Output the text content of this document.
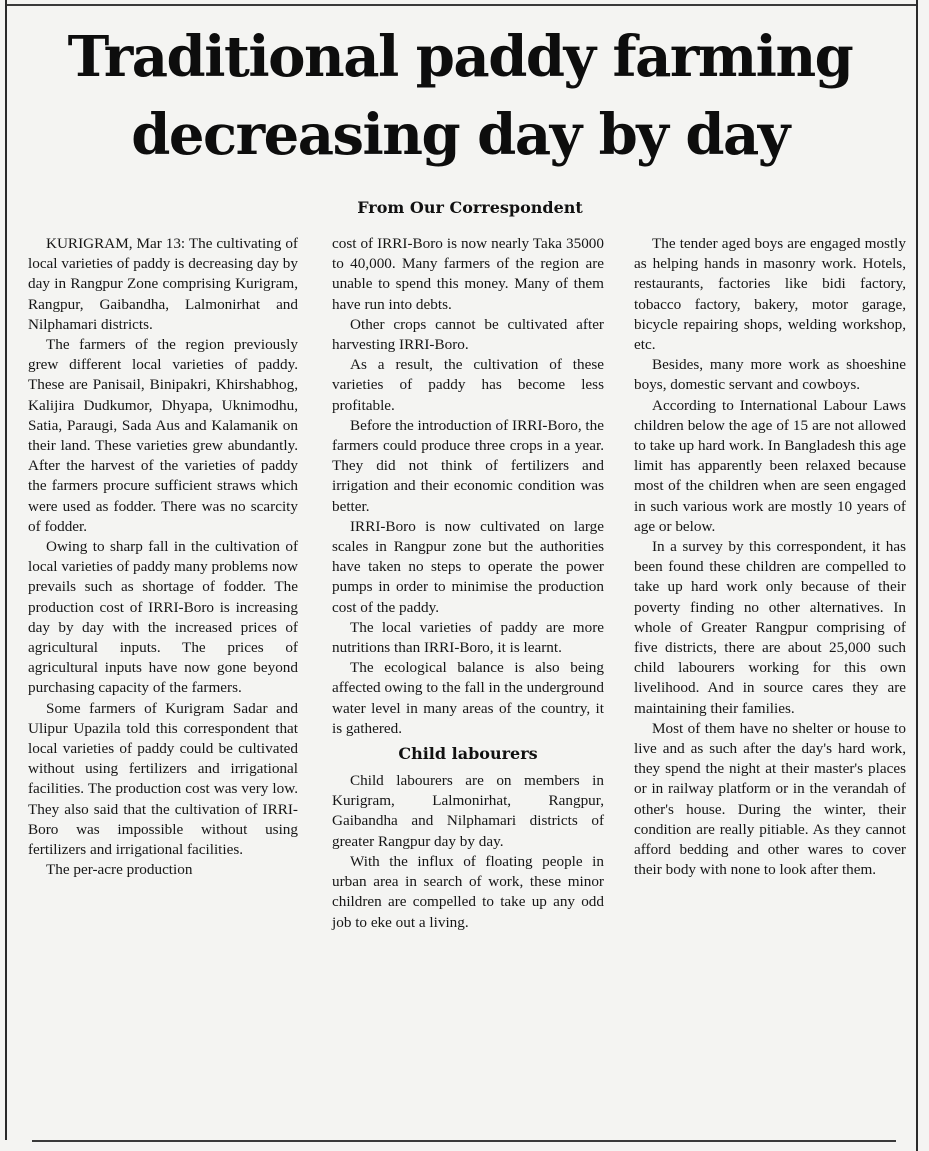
Traditional paddy farming
decreasing day by day
From Our Correspondent

KURIGRAM, Mar 13: The cultivating of local varieties of paddy is decreasing day by day in Rangpur Zone comprising Kurigram, Rangpur, Gaibandha, Lalmonirhat and Nilphamari districts.

The farmers of the region previously grew different local varieties of paddy. These are Panisail, Binipakri, Khirshabhog, Kalijira Dudkumor, Dhyapa, Uknimodhu, Satia, Paraugi, Sada Aus and Kalamanik on their land. These varieties grew abundantly. After the harvest of the varieties of paddy the farmers procure sufficient straws which were used as fodder. There was no scarcity of fodder.

Owing to sharp fall in the cultivation of local varieties of paddy many problems now prevails such as shortage of fodder. The production cost of IRRI-Boro is increasing day by day with the increased prices of agricultural inputs. The prices of agricultural inputs have now gone beyond purchasing capacity of the farmers.

Some farmers of Kurigram Sadar and Ulipur Upazila told this correspondent that local varieties of paddy could be cultivated without using fertilizers and irrigational facilities. The production cost was very low. They also said that the cultivation of IRRI-Boro was impossible without using fertilizers and irrigational facilities.

The per-acre production

cost of IRRI-Boro is now nearly Taka 35000 to 40,000. Many farmers of the region are unable to spend this money. Many of them have run into debts.

Other crops cannot be cultivated after harvesting IRRI-Boro.

As a result, the cultivation of these varieties of paddy has become less profitable.

Before the introduction of IRRI-Boro, the farmers could produce three crops in a year. They did not think of fertilizers and irrigation and their economic condition was better.

IRRI-Boro is now cultivated on large scales in Rangpur zone but the authorities have taken no steps to operate the power pumps in order to minimise the production cost of the paddy.

The local varieties of paddy are more nutritions than IRRI-Boro, it is learnt.

The ecological balance is also being affected owing to the fall in the underground water level in many areas of the country, it is gathered.

Child labourers

Child labourers are on members in Kurigram, Lalmonirhat, Rangpur, Gaibandha and Nilphamari districts of greater Rangpur day by day.

With the influx of floating people in urban area in search of work, these minor children are compelled to take up any odd job to eke out a living.

The tender aged boys are engaged mostly as helping hands in masonry work. Hotels, restaurants, factories like bidi factory, tobacco factory, bakery, motor garage, bicycle repairing shops, welding workshop, etc.

Besides, many more work as shoeshine boys, domestic servant and cowboys.

According to International Labour Laws children below the age of 15 are not allowed to take up hard work. In Bangladesh this age limit has apparently been relaxed because most of the children when are seen engaged in such various work are mostly 10 years of age or below.

In a survey by this correspondent, it has been found these children are compelled to take up hard work only because of their poverty finding no other alternatives. In whole of Greater Rangpur comprising of five districts, there are about 25,000 such child labourers working for this own livelihood. And in source cares they are maintaining their families.

Most of them have no shelter or house to live and as such after the day's hard work, they spend the night at their master's places or in railway platform or in the verandah of other's house. During the winter, their condition are really pitiable. As they cannot afford bedding and other wares to cover their body with none to look after them.
